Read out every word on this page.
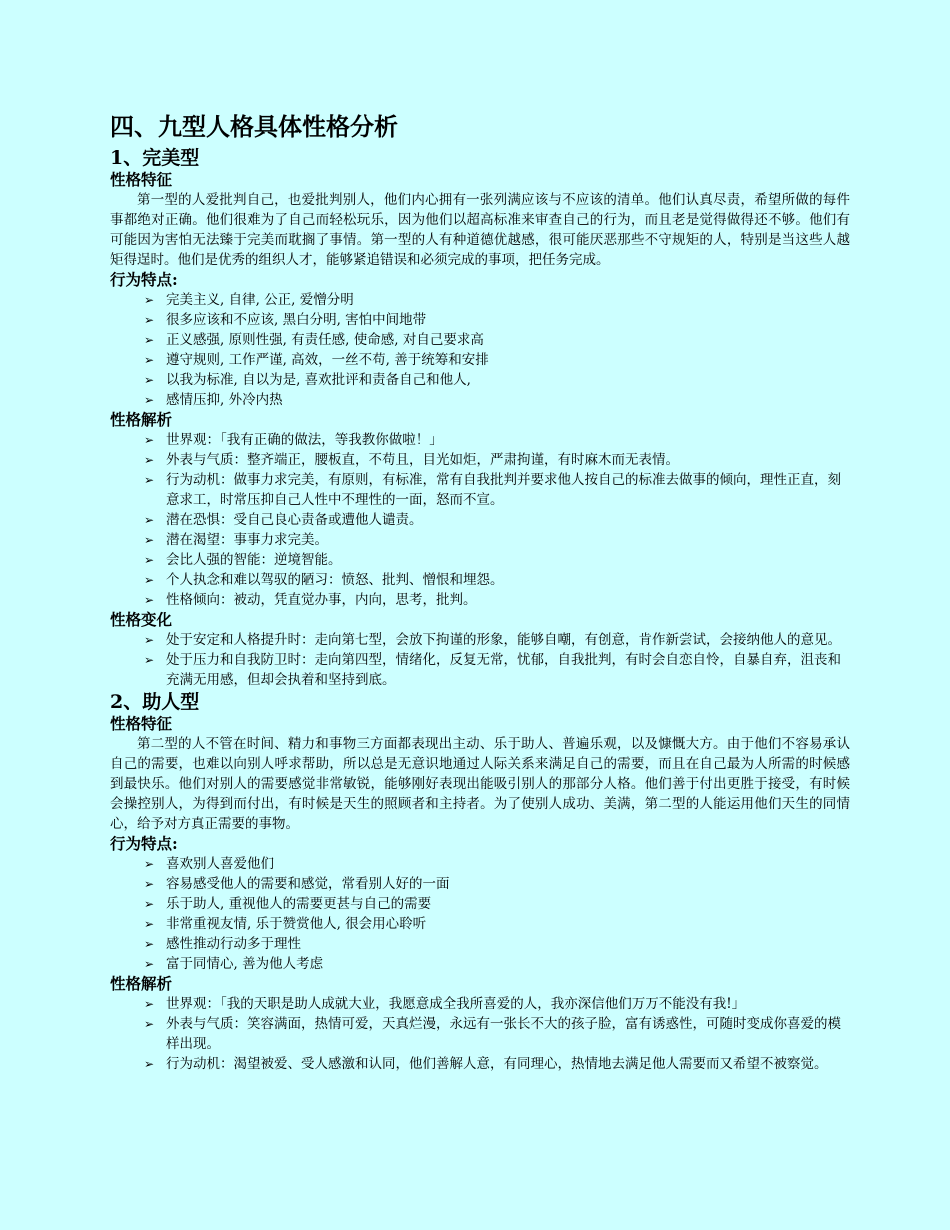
四、九型人格具体性格分析
1、完美型
性格特征

第一型的人爱批判自己，也爱批判别人，他们内心拥有一张列满应该与不应该的清单。他们认真尽责，希望所做的每件事都绝对正确。他们很难为了自己而轻松玩乐，因为他们以超高标准来审查自己的行为，而且老是觉得做得还不够。他们有可能因为害怕无法臻于完美而耽搁了事情。第一型的人有种道德优越感，很可能厌恶那些不守规矩的人，特别是当这些人越矩得逞时。他们是优秀的组织人才，能够紧追错误和必须完成的事项，把任务完成。

行为特点:
➢ 完美主义, 自律, 公正, 爱憎分明
➢ 很多应该和不应该, 黑白分明, 害怕中间地带
➢ 正义感强, 原则性强, 有责任感, 使命感, 对自己要求高
➢ 遵守规则, 工作严谨, 高效，一丝不苟, 善于统筹和安排
➢ 以我为标准, 自以为是, 喜欢批评和责备自己和他人,
➢ 感情压抑, 外冷内热
性格解析
➢ 世界观：「我有正确的做法，等我教你做啦！」
➢ 外表与气质：整齐端正，腰板直，不苟且，目光如炬，严肃拘谨，有时麻木而无表情。
➢ 行为动机：做事力求完美，有原则，有标准，常有自我批判并要求他人按自己的标准去做事的倾向，理性正直，刻意求工，时常压抑自己人性中不理性的一面，怒而不宣。
➢ 潜在恐惧：受自己良心责备或遭他人谴责。
➢ 潜在渴望：事事力求完美。
➢ 会比人强的智能：逆境智能。
➢ 个人执念和难以驾驭的陋习：愤怒、批判、憎恨和埋怨。
➢ 性格倾向：被动，凭直觉办事，内向，思考，批判。
性格变化
➢ 处于安定和人格提升时：走向第七型，会放下拘谨的形象，能够自嘲，有创意，肯作新尝试，会接纳他人的意见。
➢ 处于压力和自我防卫时：走向第四型，情绪化，反复无常，忧郁，自我批判，有时会自恋自怜，自暴自弃，沮丧和充满无用感，但却会执着和坚持到底。
2、助人型
性格特征

第二型的人不管在时间、精力和事物三方面都表现出主动、乐于助人、普遍乐观，以及慷慨大方。由于他们不容易承认自己的需要，也难以向别人呼求帮助，所以总是无意识地通过人际关系来满足自己的需要，而且在自己最为人所需的时候感到最快乐。他们对别人的需要感觉非常敏锐，能够刚好表现出能吸引别人的那部分人格。他们善于付出更胜于接受，有时候会操控别人，为得到而付出，有时候是天生的照顾者和主持者。为了使别人成功、美满，第二型的人能运用他们天生的同情心，给予对方真正需要的事物。

行为特点:
➢ 喜欢别人喜爱他们
➢ 容易感受他人的需要和感觉，常看别人好的一面
➢ 乐于助人, 重视他人的需要更甚与自己的需要
➢ 非常重视友情, 乐于赞赏他人, 很会用心聆听
➢ 感性推动行动多于理性
➢ 富于同情心, 善为他人考虑
性格解析
➢ 世界观：「我的天职是助人成就大业，我愿意成全我所喜爱的人，我亦深信他们万万不能没有我!」
➢ 外表与气质：笑容满面，热情可爱，天真烂漫，永远有一张长不大的孩子脸，富有诱惑性，可随时变成你喜爱的模样出现。
➢ 行为动机：渴望被爱、受人感激和认同，他们善解人意，有同理心，热情地去满足他人需要而又希望不被察觉。
